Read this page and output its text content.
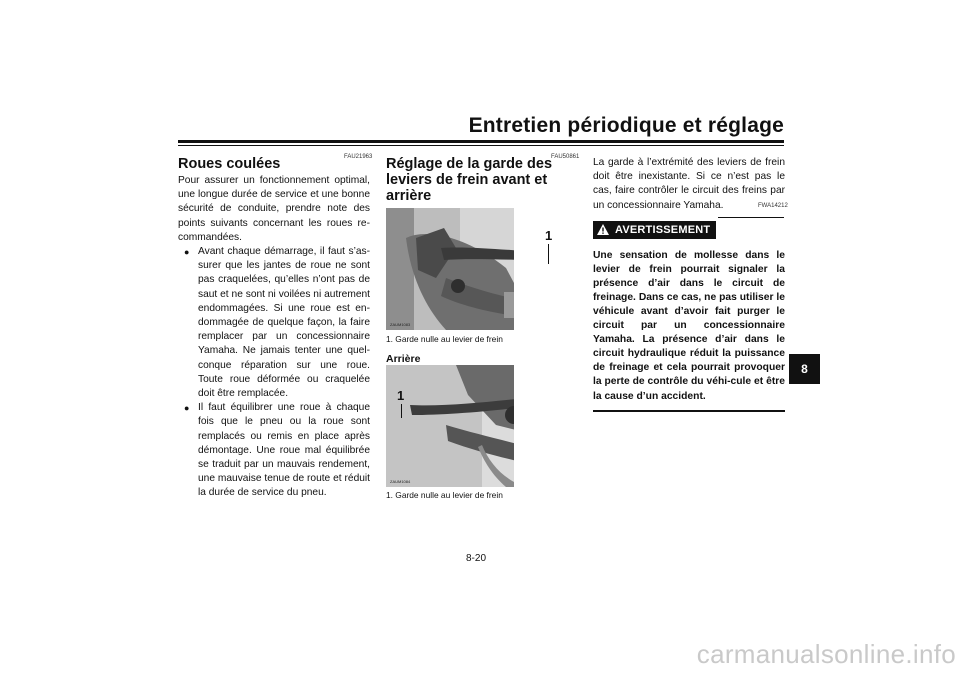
Entretien périodique et réglage
FAU21963	FAU50861
FWA14212
Roues coulées

Pour assurer un fonctionnement optimal, une longue durée de service et une bonne sécurité de conduite, prendre note des points suivants concernant les roues re-commandées.

● Avant chaque démarrage, il faut s’as-surer que les jantes de roue ne sont pas craquelées, qu’elles n’ont pas de saut et ne sont ni voilées ni autrement endommagées. Si une roue est en-dommagée de quelque façon, la faire remplacer par un concessionnaire Yamaha. Ne jamais tenter une quel-conque réparation sur une roue. Toute roue déformée ou craquelée doit être remplacée.
● Il faut équilibrer une roue à chaque fois que le pneu ou la roue sont remplacés ou remis en place après démontage. Une roue mal équilibrée se traduit par un mauvais rendement, une mauvaise tenue de route et réduit la durée de service du pneu.
Réglage de la garde des leviers de frein avant et arrière
ZAUM1083
1
1. Garde nulle au levier de frein
Arrière
ZAUM1084
1
1. Garde nulle au levier de frein

La garde à l’extrémité des leviers de frein doit être inexistante. Si ce n’est pas le cas, faire contrôler le circuit des freins par un concessionnaire Yamaha.

AVERTISSEMENT
Une sensation de mollesse dans le levier de frein pourrait signaler la présence d’air dans le circuit de freinage. Dans ce cas, ne pas utiliser le véhicule avant d’avoir fait purger le circuit par un concessionnaire Yamaha. La présence d’air dans le circuit hydraulique réduit la puissance de freinage et cela pourrait provoquer la perte de contrôle du véhi-cule et être la cause d’un accident.
8
8-20
carmanualsonline.info
